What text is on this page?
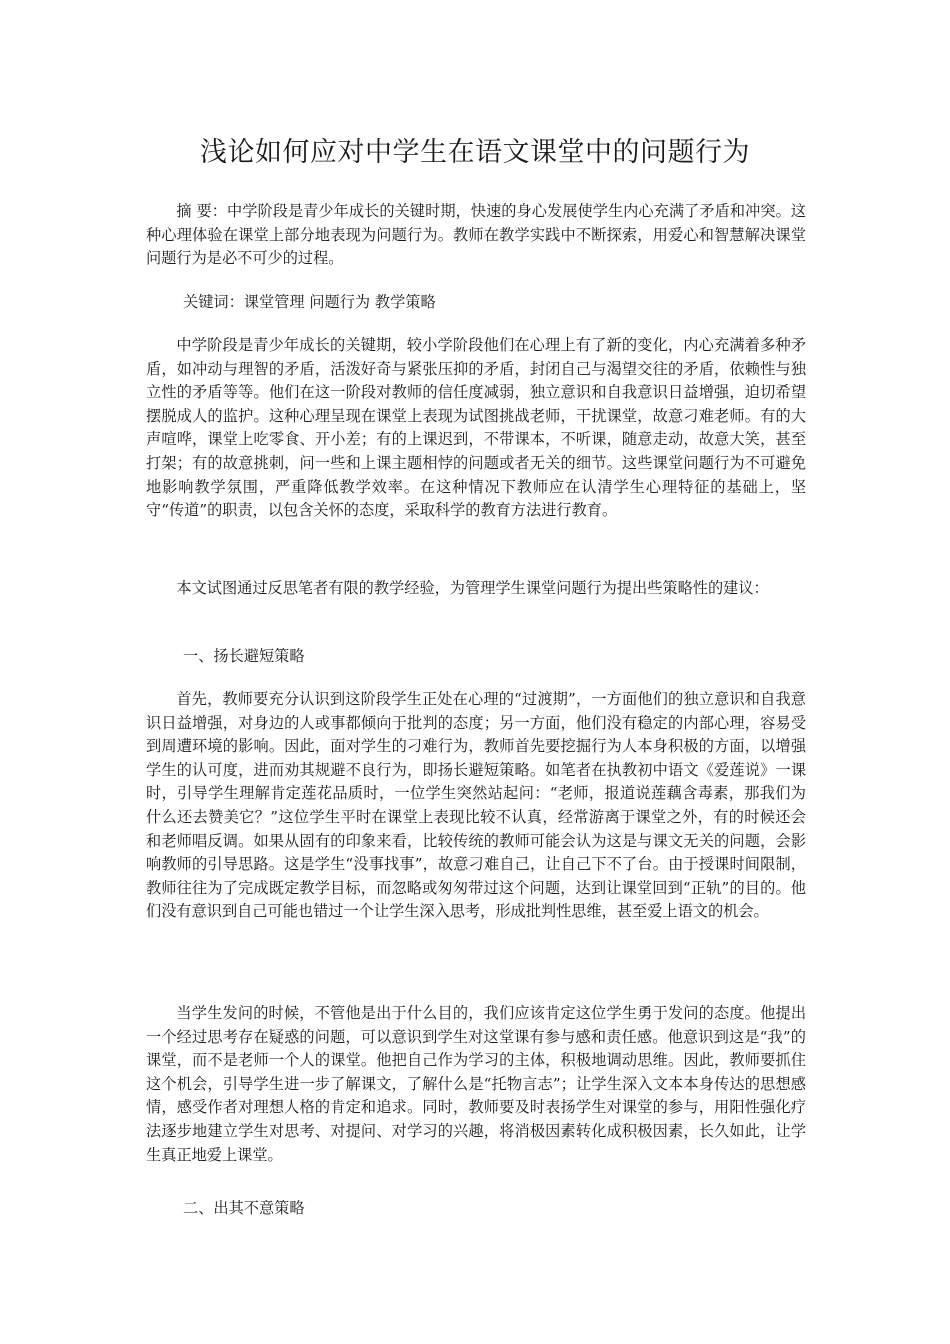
浅论如何应对中学生在语文课堂中的问题行为

摘 要：中学阶段是青少年成长的关键时期，快速的身心发展使学生内心充满了矛盾和冲突。这种心理体验在课堂上部分地表现为问题行为。教师在教学实践中不断探索，用爱心和智慧解决课堂问题行为是必不可少的过程。

关键词：课堂管理 问题行为 教学策略

中学阶段是青少年成长的关键期，较小学阶段他们在心理上有了新的变化，内心充满着多种矛盾，如冲动与理智的矛盾，活泼好奇与紧张压抑的矛盾，封闭自己与渴望交往的矛盾，依赖性与独立性的矛盾等等。他们在这一阶段对教师的信任度减弱，独立意识和自我意识日益增强，迫切希望摆脱成人的监护。这种心理呈现在课堂上表现为试图挑战老师，干扰课堂，故意刁难老师。有的大声喧哗，课堂上吃零食、开小差；有的上课迟到，不带课本，不听课，随意走动，故意大笑，甚至打架；有的故意挑刺，问一些和上课主题相悖的问题或者无关的细节。这些课堂问题行为不可避免地影响教学氛围，严重降低教学效率。在这种情况下教师应在认清学生心理特征的基础上，坚守“传道”的职责，以包含关怀的态度，采取科学的教育方法进行教育。

本文试图通过反思笔者有限的教学经验，为管理学生课堂问题行为提出些策略性的建议：

一、扬长避短策略

首先，教师要充分认识到这阶段学生正处在心理的“过渡期”，一方面他们的独立意识和自我意识日益增强，对身边的人或事都倾向于批判的态度；另一方面，他们没有稳定的内部心理，容易受到周遭环境的影响。因此，面对学生的刁难行为，教师首先要挖掘行为人本身积极的方面，以增强学生的认可度，进而劝其规避不良行为，即扬长避短策略。如笔者在执教初中语文《爱莲说》一课时，引导学生理解肯定莲花品质时，一位学生突然站起问：“老师，报道说莲藕含毒素，那我们为什么还去赞美它？”这位学生平时在课堂上表现比较不认真，经常游离于课堂之外，有的时候还会和老师唱反调。如果从固有的印象来看，比较传统的教师可能会认为这是与课文无关的问题，会影响教师的引导思路。这是学生“没事找事”，故意刁难自己，让自己下不了台。由于授课时间限制，教师往往为了完成既定教学目标，而忽略或匆匆带过这个问题，达到让课堂回到“正轨”的目的。他们没有意识到自己可能也错过一个让学生深入思考，形成批判性思维，甚至爱上语文的机会。

当学生发问的时候，不管他是出于什么目的，我们应该肯定这位学生勇于发问的态度。他提出一个经过思考存在疑惑的问题，可以意识到学生对这堂课有参与感和责任感。他意识到这是“我”的课堂，而不是老师一个人的课堂。他把自己作为学习的主体，积极地调动思维。因此，教师要抓住这个机会，引导学生进一步了解课文，了解什么是“托物言志”；让学生深入文本本身传达的思想感情，感受作者对理想人格的肯定和追求。同时，教师要及时表扬学生对课堂的参与，用阳性强化疗法逐步地建立学生对思考、对提问、对学习的兴趣，将消极因素转化成积极因素，长久如此，让学生真正地爱上课堂。

二、出其不意策略
